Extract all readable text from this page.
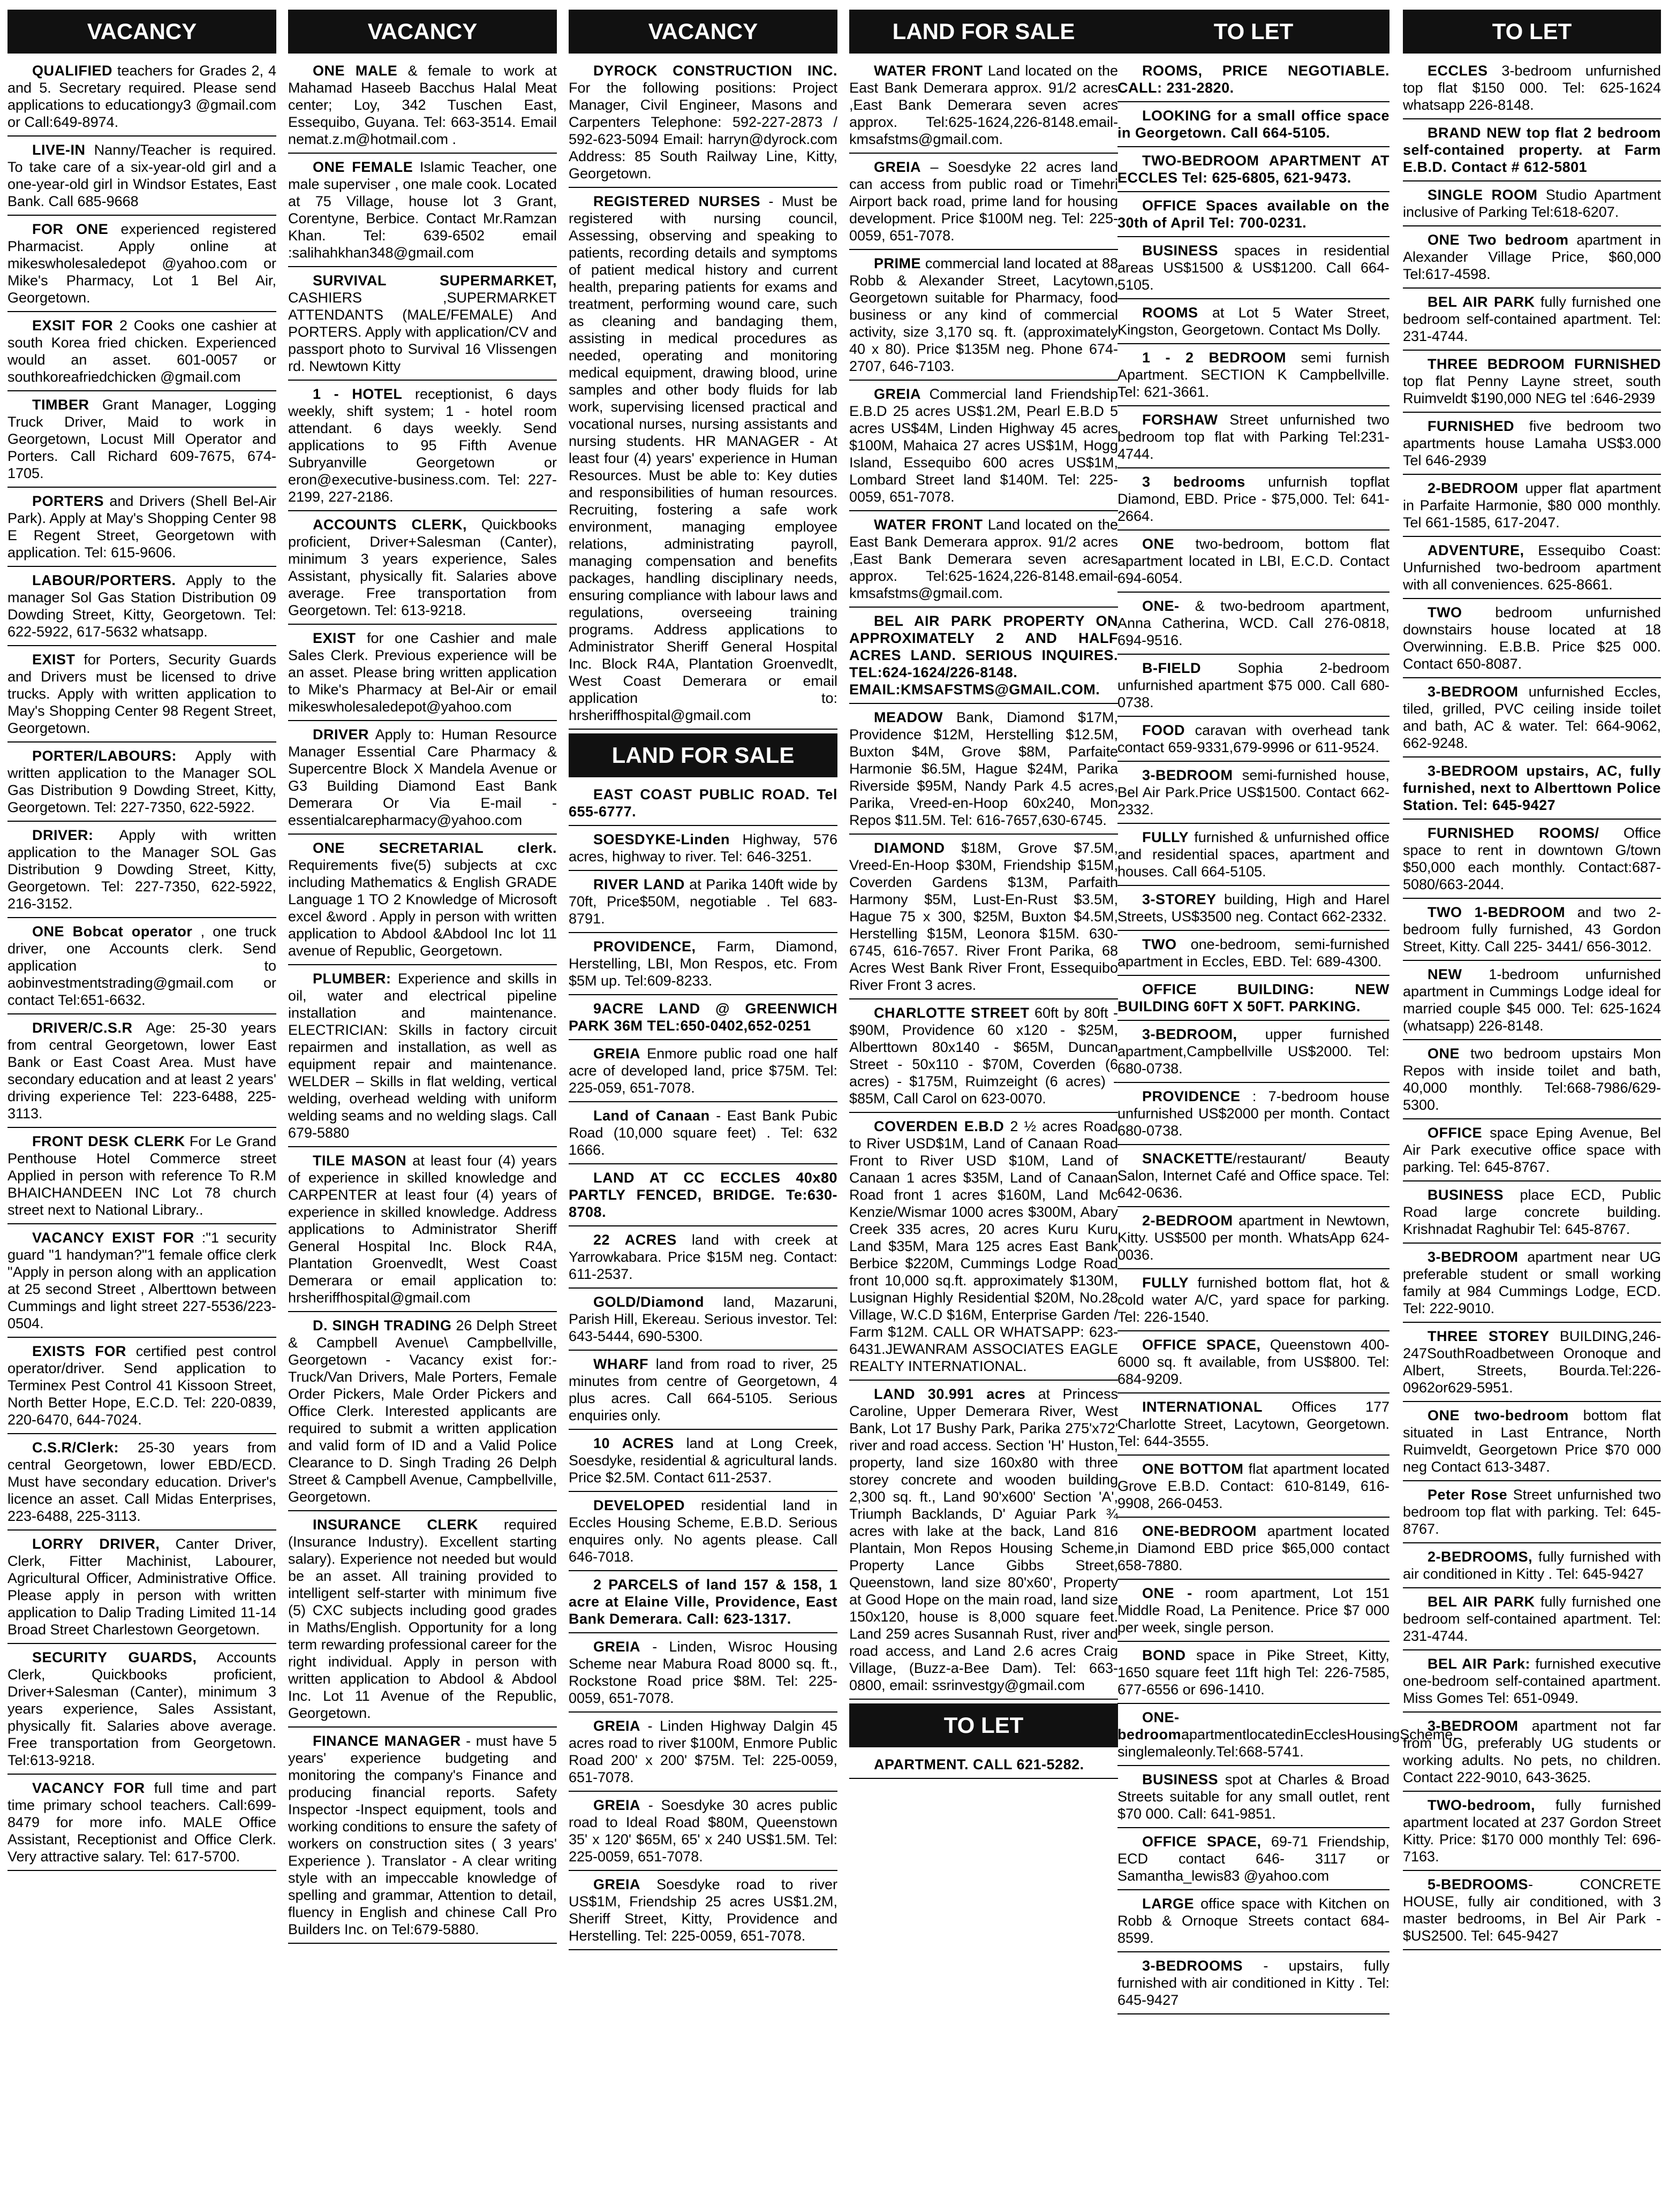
VACANCY
QUALIFIED teachers for Grades 2, 4 and 5. Secretary required. Please send applications to educationgy3 @gmail.com or Call:649-8974.
LIVE-IN Nanny/Teacher is required. To take care of a six-year-old girl and a one-year-old girl in Windsor Estates, East Bank. Call 685-9668
FOR ONE experienced registered Pharmacist. Apply online at mikeswholesaledepot @yahoo.com or Mike's Pharmacy, Lot 1 Bel Air, Georgetown.
EXSIT FOR 2 Cooks one cashier at south Korea fried chicken. Experienced would an asset. 601-0057 or southkoreafriedchicken @gmail.com
TIMBER Grant Manager, Logging Truck Driver, Maid to work in Georgetown, Locust Mill Operator and Porters. Call Richard 609-7675, 674-1705.
PORTERS and Drivers (Shell Bel-Air Park). Apply at May's Shopping Center 98 E Regent Street, Georgetown with application. Tel: 615-9606.
LABOUR/PORTERS. Apply to the manager Sol Gas Station Distribution 09 Dowding Street, Kitty, Georgetown. Tel: 622-5922, 617-5632 whatsapp.
EXIST for Porters, Security Guards and Drivers must be licensed to drive trucks. Apply with written application to May's Shopping Center 98 Regent Street, Georgetown.
PORTER/LABOURS: Apply with written application to the Manager SOL Gas Distribution 9 Dowding Street, Kitty, Georgetown. Tel: 227-7350, 622-5922.
DRIVER: Apply with written application to the Manager SOL Gas Distribution 9 Dowding Street, Kitty, Georgetown. Tel: 227-7350, 622-5922, 216-3152.
ONE Bobcat operator , one truck driver, one Accounts clerk. Send application to aobinvestmentstrading@gmail.com or contact Tel:651-6632.
DRIVER/C.S.R Age: 25-30 years from central Georgetown, lower East Bank or East Coast Area. Must have secondary education and at least 2 years' driving experience Tel: 223-6488, 225-3113.
FRONT DESK CLERK For Le Grand Penthouse Hotel Commerce street Applied in person with reference To R.M BHAICHANDEEN INC Lot 78 church street next to National Library..
VACANCY EXIST FOR :"1 security guard "1 handyman?"1 female office clerk "Apply in person along with an application at 25 second Street , Alberttown between Cummings and light street 227-5536/223-0504.
EXISTS FOR certified pest control operator/driver. Send application to Terminex Pest Control 41 Kissoon Street, North Better Hope, E.C.D. Tel: 220-0839, 220-6470, 644-7024.
C.S.R/Clerk: 25-30 years from central Georgetown, lower EBD/ECD. Must have secondary education. Driver's licence an asset. Call Midas Enterprises, 223-6488, 225-3113.
LORRY DRIVER, Canter Driver, Clerk, Fitter Machinist, Labourer, Agricultural Officer, Administrative Office. Please apply in person with written application to Dalip Trading Limited 11-14 Broad Street Charlestown Georgetown.
SECURITY GUARDS, Accounts Clerk, Quickbooks proficient, Driver+Salesman (Canter), minimum 3 years experience, Sales Assistant, physically fit. Salaries above average. Free transportation from Georgetown. Tel:613-9218.
VACANCY FOR full time and part time primary school teachers. Call:699-8479 for more info. MALE Office Assistant, Receptionist and Office Clerk. Very attractive salary. Tel: 617-5700.
VACANCY
ONE MALE & female to work at Mahamad Haseeb Bacchus Halal Meat center; Loy, 342 Tuschen East, Essequibo, Guyana. Tel: 663-3514. Email nemat.z.m@hotmail.com .
ONE FEMALE Islamic Teacher, one male superviser , one male cook. Located at 75 Village, house lot 3 Grant, Corentyne, Berbice. Contact Mr.Ramzan Khan. Tel: 639-6502 email :salihahkhan348@gmail.com
SURVIVAL SUPERMARKET, CASHIERS ,SUPERMARKET ATTENDANTS (MALE/FEMALE) And PORTERS. Apply with application/CV and passport photo to Survival 16 Vlissengen rd. Newtown Kitty
1 - HOTEL receptionist, 6 days weekly, shift system; 1 - hotel room attendant. 6 days weekly. Send applications to 95 Fifth Avenue Subryanville Georgetown or eron@executive-business.com. Tel: 227-2199, 227-2186.
ACCOUNTS CLERK, Quickbooks proficient, Driver+Salesman (Canter), minimum 3 years experience, Sales Assistant, physically fit. Salaries above average. Free transportation from Georgetown. Tel: 613-9218.
EXIST for one Cashier and male Sales Clerk. Previous experience will be an asset. Please bring written application to Mike's Pharmacy at Bel-Air or email mikeswholesaledepot@yahoo.com
DRIVER Apply to: Human Resource Manager Essential Care Pharmacy & Supercentre Block X Mandela Avenue or G3 Building Diamond East Bank Demerara Or Via E-mail - essentialcarepharmacy@yahoo.com
ONE SECRETARIAL clerk. Requirements five(5) subjects at cxc including Mathematics & English GRADE Language 1 TO 2 Knowledge of Microsoft excel &word . Apply in person with written application to Abdool &Abdool Inc lot 11 avenue of Republic, Georgetown.
PLUMBER: Experience and skills in oil, water and electrical pipeline installation and maintenance. ELECTRICIAN: Skills in factory circuit repairmen and installation, as well as equipment repair and maintenance. WELDER – Skills in flat welding, vertical welding, overhead welding with uniform welding seams and no welding slags. Call 679-5880
TILE MASON at least four (4) years of experience in skilled knowledge and CARPENTER at least four (4) years of experience in skilled knowledge. Address applications to Administrator Sheriff General Hospital Inc. Block R4A, Plantation Groenvedlt, West Coast Demerara or email application to: hrsheriffhospital@gmail.com
D. SINGH TRADING 26 Delph Street & Campbell Avenue\ Campbellville, Georgetown - Vacancy exist for:-Truck/Van Drivers, Male Porters, Female Order Pickers, Male Order Pickers and Office Clerk. Interested applicants are required to submit a written application and valid form of ID and a Valid Police Clearance to D. Singh Trading 26 Delph Street & Campbell Avenue, Campbellville, Georgetown.
INSURANCE CLERK required (Insurance Industry). Excellent starting salary). Experience not needed but would be an asset. All training provided to intelligent self-starter with minimum five (5) CXC subjects including good grades in Maths/English. Opportunity for a long term rewarding professional career for the right individual. Apply in person with written application to Abdool & Abdool Inc. Lot 11 Avenue of the Republic, Georgetown.
FINANCE MANAGER - must have 5 years' experience budgeting and monitoring the company's Finance and producing financial reports. Safety Inspector -Inspect equipment, tools and working conditions to ensure the safety of workers on construction sites ( 3 years' Experience ). Translator - A clear writing style with an impeccable knowledge of spelling and grammar, Attention to detail, fluency in English and chinese Call Pro Builders Inc. on Tel:679-5880.
VACANCY
DYROCK CONSTRUCTION INC. For the following positions: Project Manager, Civil Engineer, Masons and Carpenters Telephone: 592-227-2873 / 592-623-5094 Email: harryn@dyrock.com Address: 85 South Railway Line, Kitty, Georgetown.
REGISTERED NURSES - Must be registered with nursing council, Assessing, observing and speaking to patients, recording details and symptoms of patient medical history and current health, preparing patients for exams and treatment, performing wound care, such as cleaning and bandaging them, assisting in medical procedures as needed, operating and monitoring medical equipment, drawing blood, urine samples and other body fluids for lab work, supervising licensed practical and vocational nurses, nursing assistants and nursing students. HR MANAGER - At least four (4) years' experience in Human Resources. Must be able to: Key duties and responsibilities of human resources. Recruiting, fostering a safe work environment, managing employee relations, administrating payroll, managing compensation and benefits packages, handling disciplinary needs, ensuring compliance with labour laws and regulations, overseeing training programs. Address applications to Administrator Sheriff General Hospital Inc. Block R4A, Plantation Groenvedlt, West Coast Demerara or email application to: hrsheriffhospital@gmail.com
LAND FOR SALE
EAST COAST PUBLIC ROAD. Tel 655-6777.
SOESDYKE-Linden Highway, 576 acres, highway to river. Tel: 646-3251.
RIVER LAND at Parika 140ft wide by 70ft, Price$50M, negotiable . Tel 683-8791.
PROVIDENCE, Farm, Diamond, Herstelling, LBI, Mon Respos, etc. From $5M up. Tel:609-8233.
9ACRE LAND @ GREENWICH PARK 36M TEL:650-0402,652-0251
GREIA Enmore public road one half acre of developed land, price $75M. Tel: 225-059, 651-7078.
Land of Canaan - East Bank Pubic Road (10,000 square feet) . Tel: 632 1666.
LAND AT CC ECCLES 40x80 PARTLY FENCED, BRIDGE. Te:630-8708.
22 ACRES land with creek at Yarrowkabara. Price $15M neg. Contact: 611-2537.
GOLD/Diamond land, Mazaruni, Parish Hill, Ekereau. Serious investor. Tel: 643-5444, 690-5300.
WHARF land from road to river, 25 minutes from centre of Georgetown, 4 plus acres. Call 664-5105. Serious enquiries only.
10 ACRES land at Long Creek, Soesdyke, residential & agricultural lands. Price $2.5M. Contact 611-2537.
DEVELOPED residential land in Eccles Housing Scheme, E.B.D. Serious enquires only. No agents please. Call 646-7018.
2 PARCELS of land 157 & 158, 1 acre at Elaine Ville, Providence, East Bank Demerara. Call: 623-1317.
GREIA - Linden, Wisroc Housing Scheme near Mabura Road 8000 sq. ft., Rockstone Road price $8M. Tel: 225-0059, 651-7078.
GREIA - Linden Highway Dalgin 45 acres road to river $100M, Enmore Public Road 200' x 200' $75M. Tel: 225-0059, 651-7078.
GREIA - Soesdyke 30 acres public road to Ideal Road $80M, Queenstown 35' x 120' $65M, 65' x 240 US$1.5M. Tel: 225-0059, 651-7078.
GREIA Soesdyke road to river US$1M, Friendship 25 acres US$1.2M, Sheriff Street, Kitty, Providence and Herstelling. Tel: 225-0059, 651-7078.
LAND FOR SALE
WATER FRONT Land located on the East Bank Demerara approx. 91/2 acres ,East Bank Demerara seven acres approx. Tel:625-1624,226-8148.email-kmsafstms@gmail.com.
GREIA – Soesdyke 22 acres land can access from public road or Timehri Airport back road, prime land for housing development. Price $100M neg. Tel: 225-0059, 651-7078.
PRIME commercial land located at 88 Robb & Alexander Street, Lacytown, Georgetown suitable for Pharmacy, food business or any kind of commercial activity, size 3,170 sq. ft. (approximately 40 x 80). Price $135M neg. Phone 674-2707, 646-7103.
GREIA Commercial land Friendship E.B.D 25 acres US$1.2M, Pearl E.B.D 5 acres US$4M, Linden Highway 45 acres $100M, Mahaica 27 acres US$1M, Hogg Island, Essequibo 600 acres US$1M, Lombard Street land $140M. Tel: 225-0059, 651-7078.
WATER FRONT Land located on the East Bank Demerara approx. 91/2 acres ,East Bank Demerara seven acres approx. Tel:625-1624,226-8148.email-kmsafstms@gmail.com.
BEL AIR PARK PROPERTY ON APPROXIMATELY 2 AND HALF ACRES LAND. SERIOUS INQUIRES. TEL:624-1624/226-8148. EMAIL:KMSAFSTMS@GMAIL.COM.
MEADOW Bank, Diamond $17M, Providence $12M, Herstelling $12.5M, Buxton $4M, Grove $8M, Parfaite Harmonie $6.5M, Hague $24M, Parika Riverside $95M, Nandy Park 4.5 acres, Parika, Vreed-en-Hoop 60x240, Mon Repos $11.5M. Tel: 616-7657,630-6745.
DIAMOND $18M, Grove $7.5M, Vreed-En-Hoop $30M, Friendship $15M, Coverden Gardens $13M, Parfaith Harmony $5M, Lust-En-Rust $3.5M, Hague 75 x 300, $25M, Buxton $4.5M, Herstelling $15M, Leonora $15M. 630-6745, 616-7657. River Front Parika, 68 Acres West Bank River Front, Essequibo River Front 3 acres.
CHARLOTTE STREET 60ft by 80ft - $90M, Providence 60 x120 - $25M, Alberttown 80x140 - $65M, Duncan Street - 50x110 - $70M, Coverden (6 acres) - $175M, Ruimzeight (6 acres) - $85M, Call Carol on 623-0070.
COVERDEN E.B.D 2 ½ acres Road to River USD$1M, Land of Canaan Road Front to River USD $10M, Land of Canaan 1 acres $35M, Land of Canaan Road front 1 acres $160M, Land Mc Kenzie/Wismar 1000 acres $300M, Abary Creek 335 acres, 20 acres Kuru Kuru Land $35M, Mara 125 acres East Bank Berbice $220M, Cummings Lodge Road front 10,000 sq.ft. approximately $130M, Lusignan Highly Residential $20M, No.28 Village, W.C.D $16M, Enterprise Garden / Farm $12M. CALL OR WHATSAPP: 623-6431.JEWANRAM ASSOCIATES EAGLE REALTY INTERNATIONAL.
LAND 30.991 acres at Princess Caroline, Upper Demerara River, West Bank, Lot 17 Bushy Park, Parika 275'x72' river and road access. Section 'H' Huston, property, land size 160x80 with three storey concrete and wooden building 2,300 sq. ft., Land 90'x600' Section 'A', Triumph Backlands, D' Aguiar Park ¾ acres with lake at the back, Land 816 Plantain, Mon Repos Housing Scheme, Property Lance Gibbs Street, Queenstown, land size 80'x60', Property at Good Hope on the main road, land size 150x120, house is 8,000 square feet. Land 259 acres Susannah Rust, river and road access, and Land 2.6 acres Craig Village, (Buzz-a-Bee Dam). Tel: 663-0800, email: ssrinvestgy@gmail.com
TO LET
APARTMENT. CALL 621-5282.
TO LET
ROOMS, PRICE NEGOTIABLE. CALL: 231-2820.
LOOKING for a small office space in Georgetown. Call 664-5105.
TWO-BEDROOM APARTMENT AT ECCLES Tel: 625-6805, 621-9473.
OFFICE Spaces available on the 30th of April Tel: 700-0231.
BUSINESS spaces in residential areas US$1500 & US$1200. Call 664-5105.
ROOMS at Lot 5 Water Street, Kingston, Georgetown. Contact Ms Dolly.
1 - 2 BEDROOM semi furnish Apartment. SECTION K Campbellville. Tel: 621-3661.
FORSHAW Street unfurnished two bedroom top flat with Parking Tel:231-4744.
3 bedrooms unfurnish topflat Diamond, EBD. Price - $75,000. Tel: 641-2664.
ONE two-bedroom, bottom flat apartment located in LBI, E.C.D. Contact 694-6054.
ONE- & two-bedroom apartment, Anna Catherina, WCD. Call 276-0818, 694-9516.
B-FIELD Sophia 2-bedroom unfurnished apartment $75 000. Call 680-0738.
FOOD caravan with overhead tank contact 659-9331,679-9996 or 611-9524.
3-BEDROOM semi-furnished house, Bel Air Park.Price US$1500. Contact 662-2332.
FULLY furnished & unfurnished office and residential spaces, apartment and houses. Call 664-5105.
3-STOREY building, High and Harel Streets, US$3500 neg. Contact 662-2332.
TWO one-bedroom, semi-furnished apartment in Eccles, EBD. Tel: 689-4300.
OFFICE BUILDING: NEW BUILDING 60FT X 50FT. PARKING.
3-BEDROOM, upper furnished apartment,Campbellville US$2000. Tel: 680-0738.
PROVIDENCE : 7-bedroom house unfurnished US$2000 per month. Contact 680-0738.
SNACKETTE/restaurant/ Beauty Salon, Internet Café and Office space. Tel: 642-0636.
2-BEDROOM apartment in Newtown, Kitty. US$500 per month. WhatsApp 624-0036.
FULLY furnished bottom flat, hot & cold water A/C, yard space for parking. Tel: 226-1540.
OFFICE SPACE, Queenstown 400-6000 sq. ft available, from US$800. Tel: 684-9209.
INTERNATIONAL Offices 177 Charlotte Street, Lacytown, Georgetown. Tel: 644-3555.
ONE BOTTOM flat apartment located Grove E.B.D. Contact: 610-8149, 616-9908, 266-0453.
ONE-BEDROOM apartment located in Diamond EBD price $65,000 contact 658-7880.
ONE - room apartment, Lot 151 Middle Road, La Penitence. Price $7 000 per week, single person.
BOND space in Pike Street, Kitty, 1650 square feet 11ft high Tel: 226-7585, 677-6556 or 696-1410.
ONE-bedroomapartmentlocatedinEcclesHousingScheme, singlemaleonly.Tel:668-5741.
BUSINESS spot at Charles & Broad Streets suitable for any small outlet, rent $70 000. Call: 641-9851.
OFFICE SPACE, 69-71 Friendship, ECD contact 646- 3117 or Samantha_lewis83 @yahoo.com
LARGE office space with Kitchen on Robb & Ornoque Streets contact 684-8599.
3-BEDROOMS - upstairs, fully furnished with air conditioned in Kitty . Tel: 645-9427
TO LET
ECCLES 3-bedroom unfurnished top flat $150 000. Tel: 625-1624 whatsapp 226-8148.
BRAND NEW top flat 2 bedroom self-contained property. at Farm E.B.D. Contact # 612-5801
SINGLE ROOM Studio Apartment inclusive of Parking Tel:618-6207.
ONE Two bedroom apartment in Alexander Village Price, $60,000 Tel:617-4598.
BEL AIR PARK fully furnished one bedroom self-contained apartment. Tel: 231-4744.
THREE BEDROOM FURNISHED top flat Penny Layne street, south Ruimveldt $190,000 NEG tel :646-2939
FURNISHED five bedroom two apartments house Lamaha US$3.000 Tel 646-2939
2-BEDROOM upper flat apartment in Parfaite Harmonie, $80 000 monthly. Tel 661-1585, 617-2047.
ADVENTURE, Essequibo Coast: Unfurnished two-bedroom apartment with all conveniences. 625-8661.
TWO bedroom unfurnished downstairs house located at 18 Overwinning. E.B.B. Price $25 000. Contact 650-8087.
3-BEDROOM unfurnished Eccles, tiled, grilled, PVC ceiling inside toilet and bath, AC & water. Tel: 664-9062, 662-9248.
3-BEDROOM upstairs, AC, fully furnished, next to Alberttown Police Station. Tel: 645-9427
FURNISHED ROOMS/ Office space to rent in downtown G/town $50,000 each monthly. Contact:687-5080/663-2044.
TWO 1-BEDROOM and two 2-bedroom fully furnished, 43 Gordon Street, Kitty. Call 225- 3441/ 656-3012.
NEW 1-bedroom unfurnished apartment in Cummings Lodge ideal for married couple $45 000. Tel: 625-1624 (whatsapp) 226-8148.
ONE two bedroom upstairs Mon Repos with inside toilet and bath, 40,000 monthly. Tel:668-7986/629-5300.
OFFICE space Eping Avenue, Bel Air Park executive office space with parking. Tel: 645-8767.
BUSINESS place ECD, Public Road large concrete building. Krishnadat Raghubir Tel: 645-8767.
3-BEDROOM apartment near UG preferable student or small working family at 984 Cummings Lodge, ECD. Tel: 222-9010.
THREE STOREY BUILDING,246-247SouthRoadbetween Oronoque and Albert, Streets, Bourda.Tel:226-0962or629-5951.
ONE two-bedroom bottom flat situated in Last Entrance, North Ruimveldt, Georgetown Price $70 000 neg Contact 613-3487.
Peter Rose Street unfurnished two bedroom top flat with parking. Tel: 645-8767.
2-BEDROOMS, fully furnished with air conditioned in Kitty . Tel: 645-9427
BEL AIR PARK fully furnished one bedroom self-contained apartment. Tel: 231-4744.
BEL AIR Park: furnished executive one-bedroom self-contained apartment. Miss Gomes Tel: 651-0949.
3-BEDROOM apartment not far from UG, preferably UG students or working adults. No pets, no children. Contact 222-9010, 643-3625.
TWO-bedroom, fully furnished apartment located at 237 Gordon Street Kitty. Price: $170 000 monthly Tel: 696-7163.
5-BEDROOMS- CONCRETE HOUSE, fully air conditioned, with 3 master bedrooms, in Bel Air Park - $US2500. Tel: 645-9427
